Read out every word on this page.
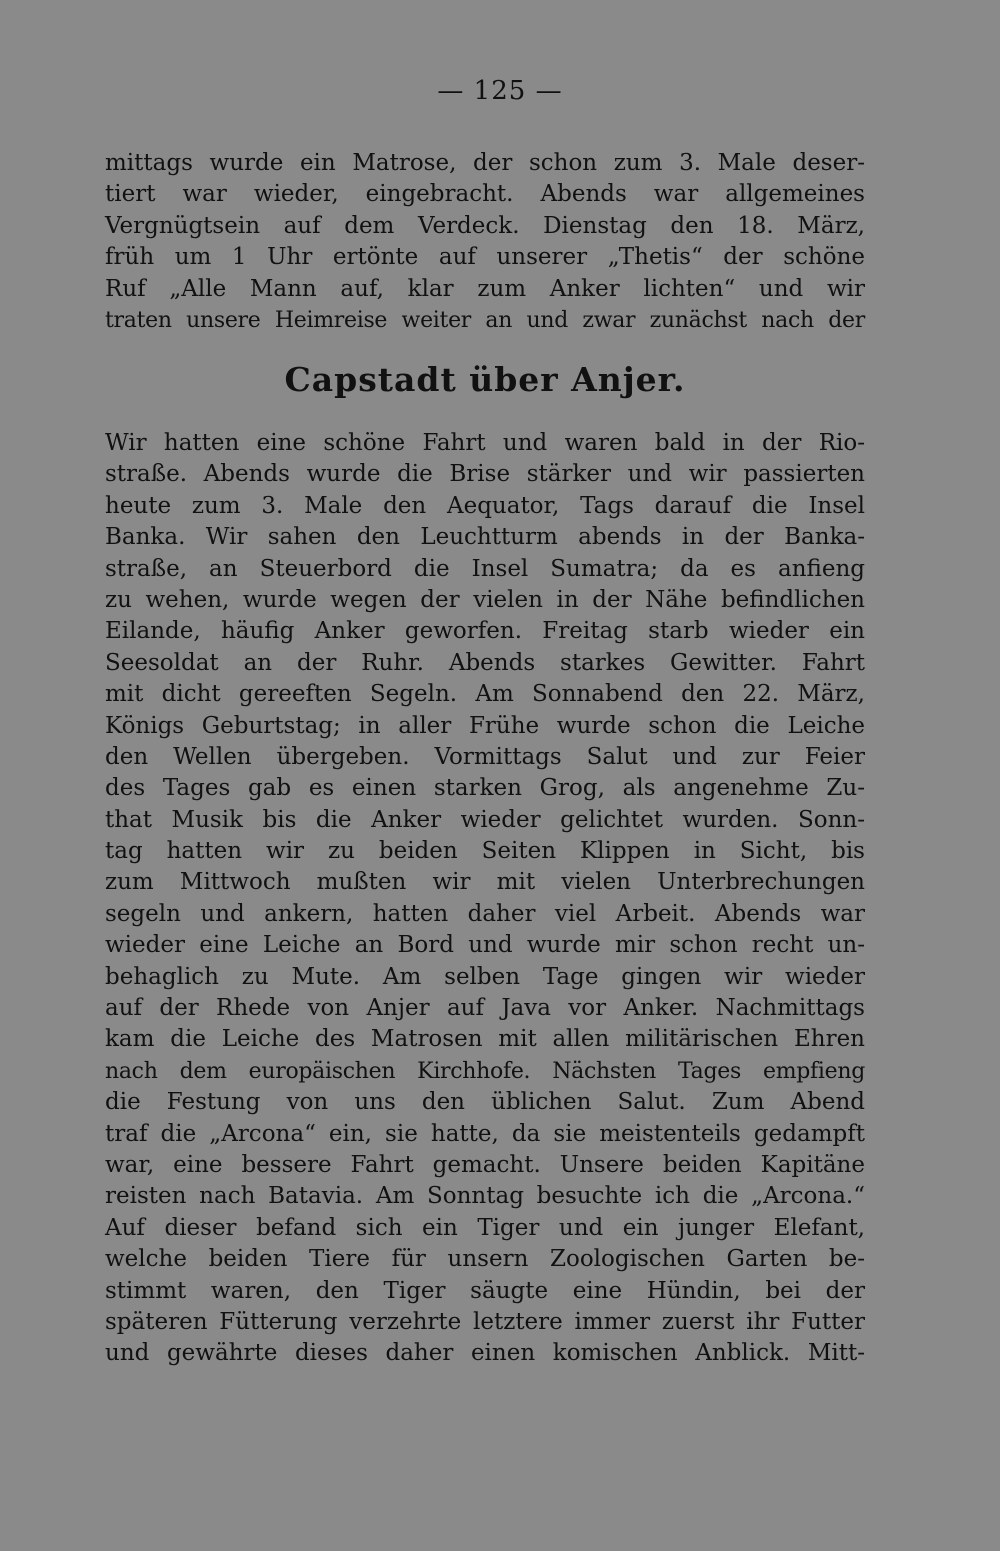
— 125 —
mittags wurde ein Matrose, der schon zum 3. Male deser-
tiert war wieder, eingebracht. Abends war allgemeines
Vergnügtsein auf dem Verdeck. Dienstag den 18. März,
früh um 1 Uhr ertönte auf unserer „Thetis“ der schöne
Ruf „Alle Mann auf, klar zum Anker lichten“ und wir
traten unsere Heimreise weiter an und zwar zunächst nach der
Capstadt über Anjer.
Wir hatten eine schöne Fahrt und waren bald in der Rio-
straße. Abends wurde die Brise stärker und wir passierten
heute zum 3. Male den Aequator, Tags darauf die Insel
Banka. Wir sahen den Leuchtturm abends in der Banka-
straße, an Steuerbord die Insel Sumatra; da es anfieng
zu wehen, wurde wegen der vielen in der Nähe befindlichen
Eilande, häufig Anker geworfen. Freitag starb wieder ein
Seesoldat an der Ruhr. Abends starkes Gewitter. Fahrt
mit dicht gereeften Segeln. Am Sonnabend den 22. März,
Königs Geburtstag; in aller Frühe wurde schon die Leiche
den Wellen übergeben. Vormittags Salut und zur Feier
des Tages gab es einen starken Grog, als angenehme Zu-
that Musik bis die Anker wieder gelichtet wurden. Sonn-
tag hatten wir zu beiden Seiten Klippen in Sicht, bis
zum Mittwoch mußten wir mit vielen Unterbrechungen
segeln und ankern, hatten daher viel Arbeit. Abends war
wieder eine Leiche an Bord und wurde mir schon recht un-
behaglich zu Mute. Am selben Tage gingen wir wieder
auf der Rhede von Anjer auf Java vor Anker. Nachmittags
kam die Leiche des Matrosen mit allen militärischen Ehren
nach dem europäischen Kirchhofe. Nächsten Tages empfieng
die Festung von uns den üblichen Salut. Zum Abend
traf die „Arcona“ ein, sie hatte, da sie meistenteils gedampft
war, eine bessere Fahrt gemacht. Unsere beiden Kapitäne
reisten nach Batavia. Am Sonntag besuchte ich die „Arcona.“
Auf dieser befand sich ein Tiger und ein junger Elefant,
welche beiden Tiere für unsern Zoologischen Garten be-
stimmt waren, den Tiger säugte eine Hündin, bei der
späteren Fütterung verzehrte letztere immer zuerst ihr Futter
und gewährte dieses daher einen komischen Anblick. Mitt-
